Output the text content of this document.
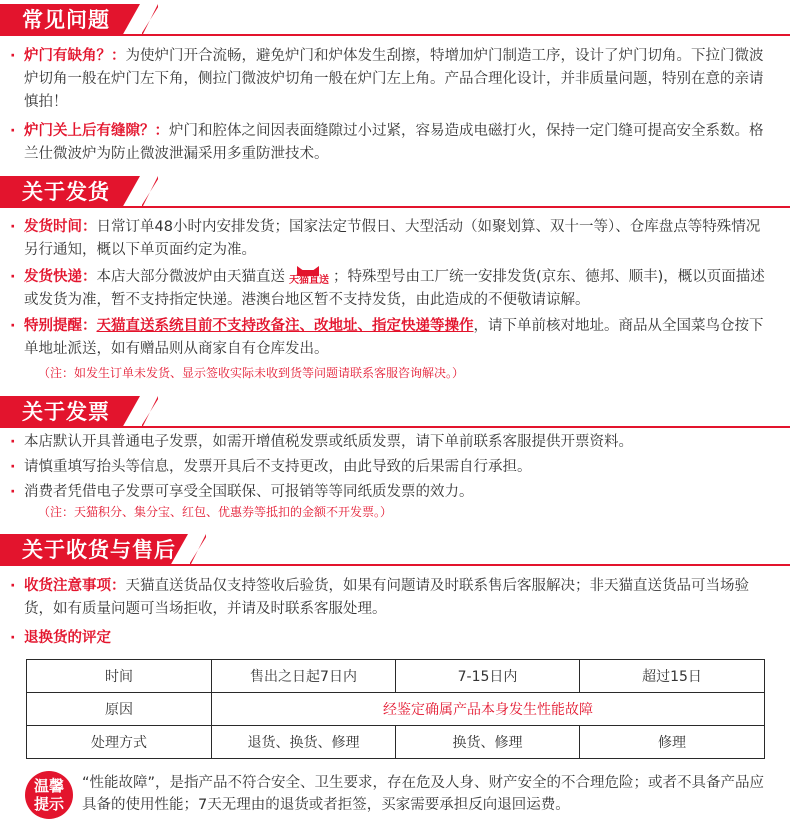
常见问题
· 炉门有缺角？：为使炉门开合流畅，避免炉门和炉体发生刮擦，特增加炉门制造工序，设计了炉门切角。下拉门微波炉切角一般在炉门左下角，侧拉门微波炉切角一般在炉门左上角。产品合理化设计，并非质量问题，特别在意的亲请慎拍！
· 炉门关上后有缝隙？：炉门和腔体之间因表面缝隙过小过紧，容易造成电磁打火，保持一定门缝可提高安全系数。格兰仕微波炉为防止微波泄漏采用多重防泄技术。
关于发货
· 发货时间：日常订单48小时内安排发货；国家法定节假日、大型活动（如聚划算、双十一等）、仓库盘点等特殊情况另行通知，概以下单页面约定为准。
· 发货快递：本店大部分微波炉由天猫直送 天猫直送 ；特殊型号由工厂统一安排发货(京东、德邦、顺丰)，概以页面描述或发货为准，暂不支持指定快递。港澳台地区暂不支持发货，由此造成的不便敬请谅解。
· 特别提醒：天猫直送系统目前不支持改备注、改地址、指定快递等操作，请下单前核对地址。商品从全国菜鸟仓按下单地址派送，如有赠品则从商家自有仓库发出。
（注：如发生订单未发货、显示签收实际未收到货等问题请联系客服咨询解决。）
关于发票
· 本店默认开具普通电子发票，如需开增值税发票或纸质发票，请下单前联系客服提供开票资料。
· 请慎重填写抬头等信息，发票开具后不支持更改，由此导致的后果需自行承担。
· 消费者凭借电子发票可享受全国联保、可报销等等同纸质发票的效力。
（注：天猫积分、集分宝、红包、优惠券等抵扣的金额不开发票。）
关于收货与售后
· 收货注意事项：天猫直送货品仅支持签收后验货，如果有问题请及时联系售后客服解决；非天猫直送货品可当场验货，如有质量问题可当场拒收，并请及时联系客服处理。
· 退换货的评定
时间	售出之日起7日内	7-15日内	超过15日
原因	经鉴定确属产品本身发生性能故障		
处理方式	退货、换货、修理	换货、修理	修理
温馨
提示
“性能故障”，是指产品不符合安全、卫生要求，存在危及人身、财产安全的不合理危险；或者不具备产品应具备的使用性能；7天无理由的退货或者拒签，买家需要承担反向退回运费。
